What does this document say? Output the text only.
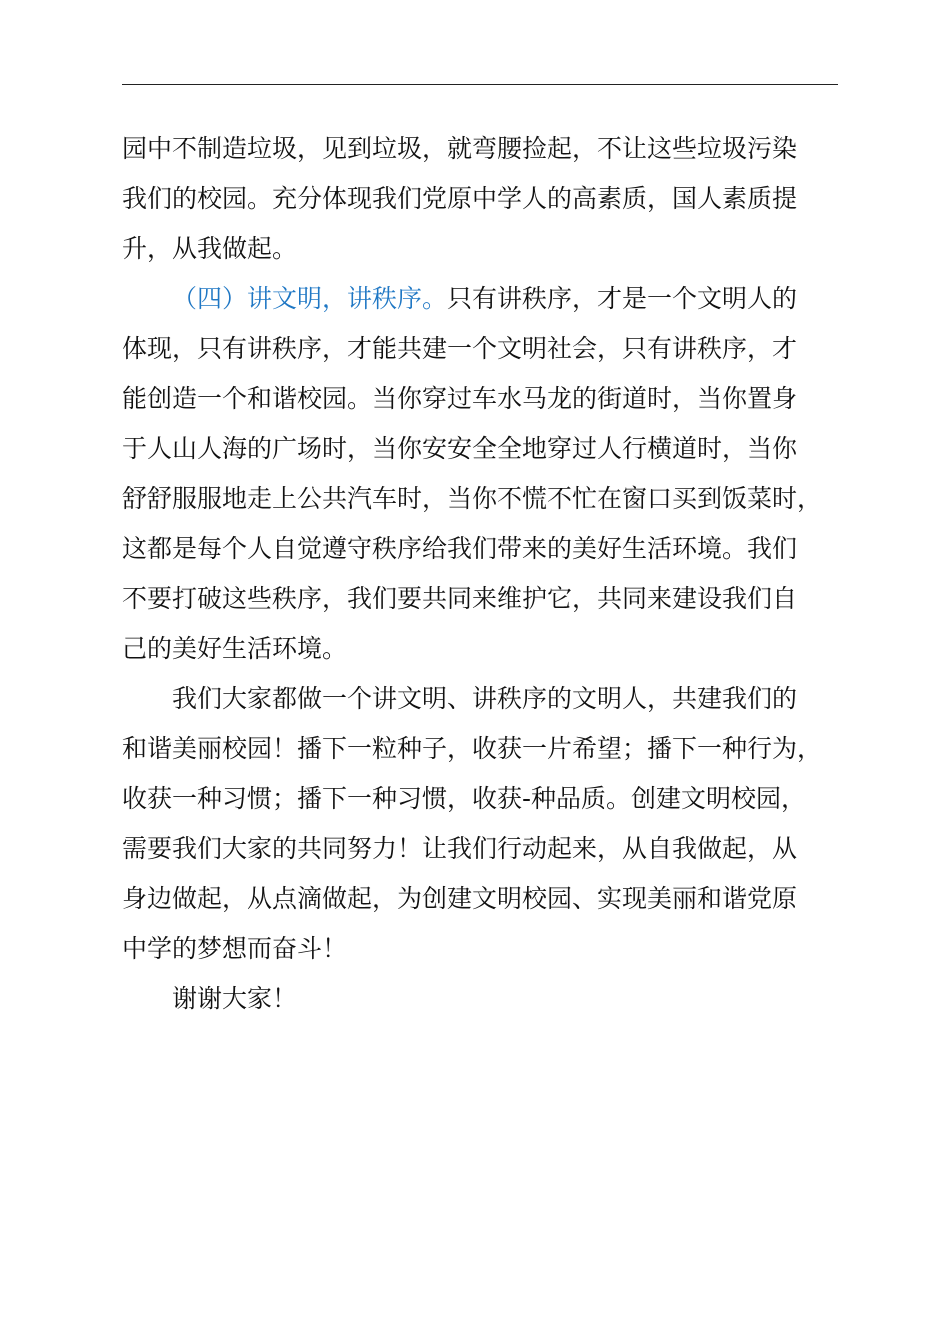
园中不制造垃圾，见到垃圾，就弯腰捡起，不让这些垃圾污染
我们的校园。充分体现我们党原中学人的高素质，国人素质提
升，从我做起。
（四）讲文明，讲秩序。只有讲秩序，才是一个文明人的
体现，只有讲秩序，才能共建一个文明社会，只有讲秩序，才
能创造一个和谐校园。当你穿过车水马龙的街道时，当你置身
于人山人海的广场时，当你安安全全地穿过人行横道时，当你
舒舒服服地走上公共汽车时，当你不慌不忙在窗口买到饭菜时，
这都是每个人自觉遵守秩序给我们带来的美好生活环境。我们
不要打破这些秩序，我们要共同来维护它，共同来建设我们自
己的美好生活环境。
我们大家都做一个讲文明、讲秩序的文明人，共建我们的
和谐美丽校园！播下一粒种子，收获一片希望；播下一种行为，
收获一种习惯；播下一种习惯，收获-种品质。创建文明校园，
需要我们大家的共同努力！让我们行动起来，从自我做起，从
身边做起，从点滴做起，为创建文明校园、实现美丽和谐党原
中学的梦想而奋斗！
谢谢大家！
